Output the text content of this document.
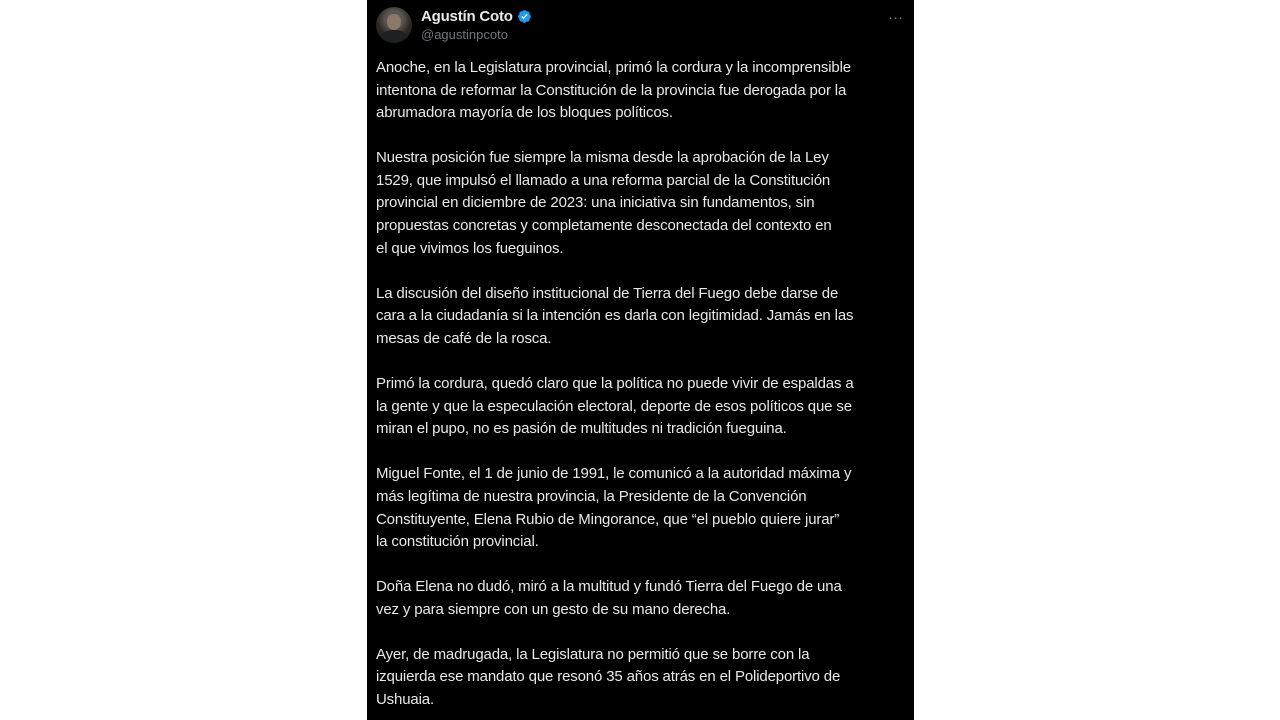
Agustín Coto
@agustinpcoto
…

Anoche, en la Legislatura provincial, primó la cordura y la incomprensible
intentona de reformar la Constitución de la provincia fue derogada por la
abrumadora mayoría de los bloques políticos.

Nuestra posición fue siempre la misma desde la aprobación de la Ley
1529, que impulsó el llamado a una reforma parcial de la Constitución
provincial en diciembre de 2023: una iniciativa sin fundamentos, sin
propuestas concretas y completamente desconectada del contexto en
el que vivimos los fueguinos.

La discusión del diseño institucional de Tierra del Fuego debe darse de
cara a la ciudadanía si la intención es darla con legitimidad. Jamás en las
mesas de café de la rosca.

Primó la cordura, quedó claro que la política no puede vivir de espaldas a
la gente y que la especulación electoral, deporte de esos políticos que se
miran el pupo, no es pasión de multitudes ni tradición fueguina.

Miguel Fonte, el 1 de junio de 1991, le comunicó a la autoridad máxima y
más legítima de nuestra provincia, la Presidente de la Convención
Constituyente, Elena Rubio de Mingorance, que “el pueblo quiere jurar”
la constitución provincial.

Doña Elena no dudó, miró a la multitud y fundó Tierra del Fuego de una
vez y para siempre con un gesto de su mano derecha.

Ayer, de madrugada, la Legislatura no permitió que se borre con la
izquierda ese mandato que resonó 35 años atrás en el Polideportivo de
Ushuaia.
